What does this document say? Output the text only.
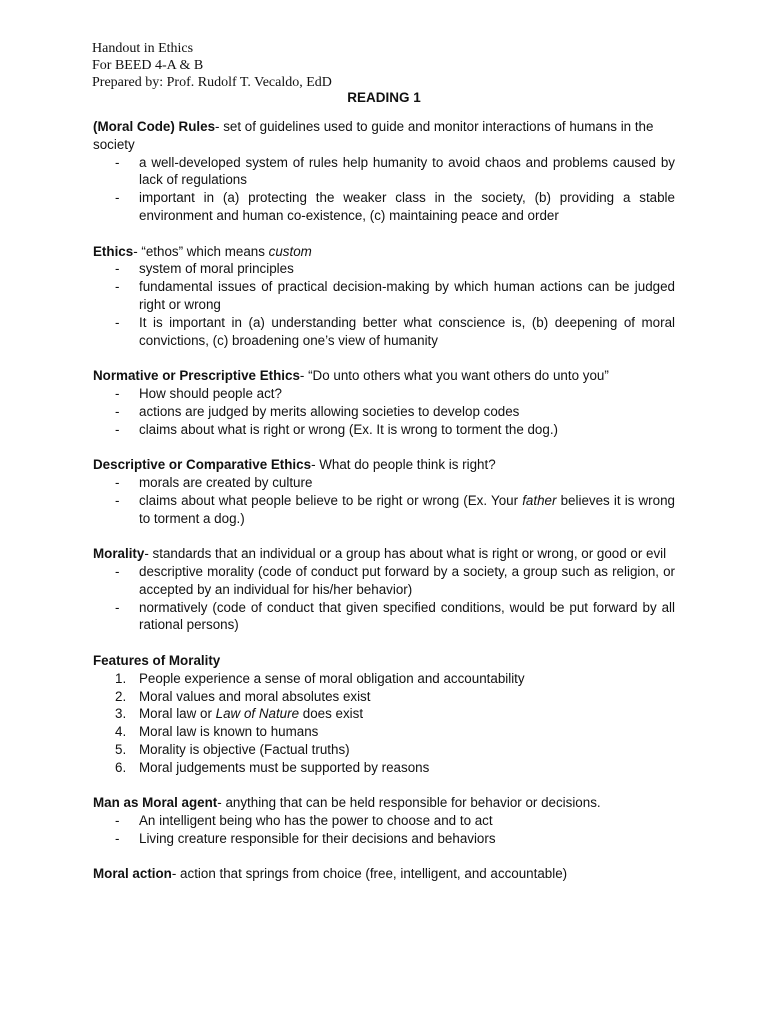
Handout in Ethics
For BEED 4-A & B
Prepared by: Prof. Rudolf T. Vecaldo, EdD
READING 1

(Moral Code) Rules- set of guidelines used to guide and monitor interactions of humans in the society

- a well-developed system of rules help humanity to avoid chaos and problems caused by lack of regulations
- important in (a) protecting the weaker class in the society, (b) providing a stable environment and human co-existence, (c) maintaining peace and order

Ethics- “ethos” which means custom

- system of moral principles
- fundamental issues of practical decision-making by which human actions can be judged right or wrong
- It is important in (a) understanding better what conscience is, (b) deepening of moral convictions, (c) broadening one’s view of humanity

Normative or Prescriptive Ethics- “Do unto others what you want others do unto you”

- How should people act?
- actions are judged by merits allowing societies to develop codes
- claims about what is right or wrong (Ex. It is wrong to torment the dog.)

Descriptive or Comparative Ethics- What do people think is right?

- morals are created by culture
- claims about what people believe to be right or wrong (Ex. Your father believes it is wrong to torment a dog.)

Morality- standards that an individual or a group has about what is right or wrong, or good or evil

- descriptive morality (code of conduct put forward by a society, a group such as religion, or accepted by an individual for his/her behavior)
- normatively (code of conduct that given specified conditions, would be put forward by all rational persons)

Features of Morality

1. People experience a sense of moral obligation and accountability
2. Moral values and moral absolutes exist
3. Moral law or Law of Nature does exist
4. Moral law is known to humans
5. Morality is objective (Factual truths)
6. Moral judgements must be supported by reasons

Man as Moral agent- anything that can be held responsible for behavior or decisions.

- An intelligent being who has the power to choose and to act
- Living creature responsible for their decisions and behaviors

Moral action- action that springs from choice (free, intelligent, and accountable)
